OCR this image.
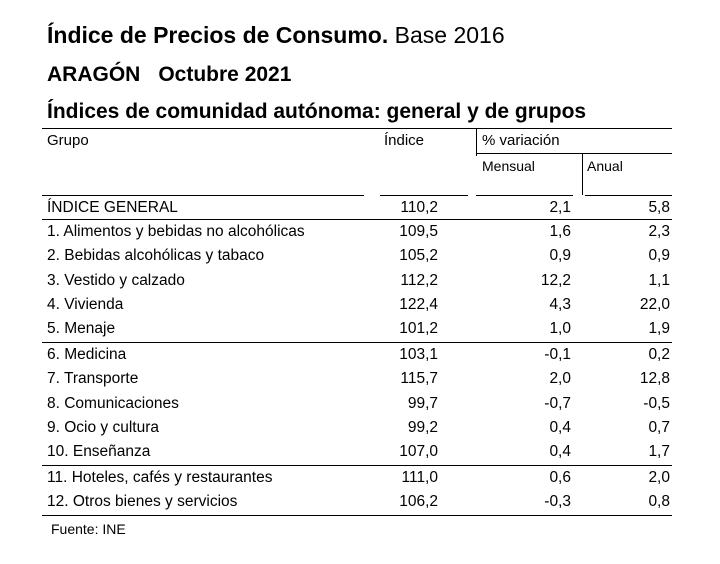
Índice de Precios de Consumo. Base 2016
ARAGÓN Octubre 2021
Índices de comunidad autónoma: general y de grupos
Grupo	Índice	% variación
Mensual	Anual
ÍNDICE GENERAL	110,2	2,1	5,8
1. Alimentos y bebidas no alcohólicas	109,5	1,6	2,3
2. Bebidas alcohólicas y tabaco	105,2	0,9	0,9
3. Vestido y calzado	112,2	12,2	1,1
4. Vivienda	122,4	4,3	22,0
5. Menaje	101,2	1,0	1,9
6. Medicina	103,1	-0,1	0,2
7. Transporte	115,7	2,0	12,8
8. Comunicaciones	99,7	-0,7	-0,5
9. Ocio y cultura	99,2	0,4	0,7
10. Enseñanza	107,0	0,4	1,7
11. Hoteles, cafés y restaurantes	111,0	0,6	2,0
12. Otros bienes y servicios	106,2	-0,3	0,8
Fuente: INE
